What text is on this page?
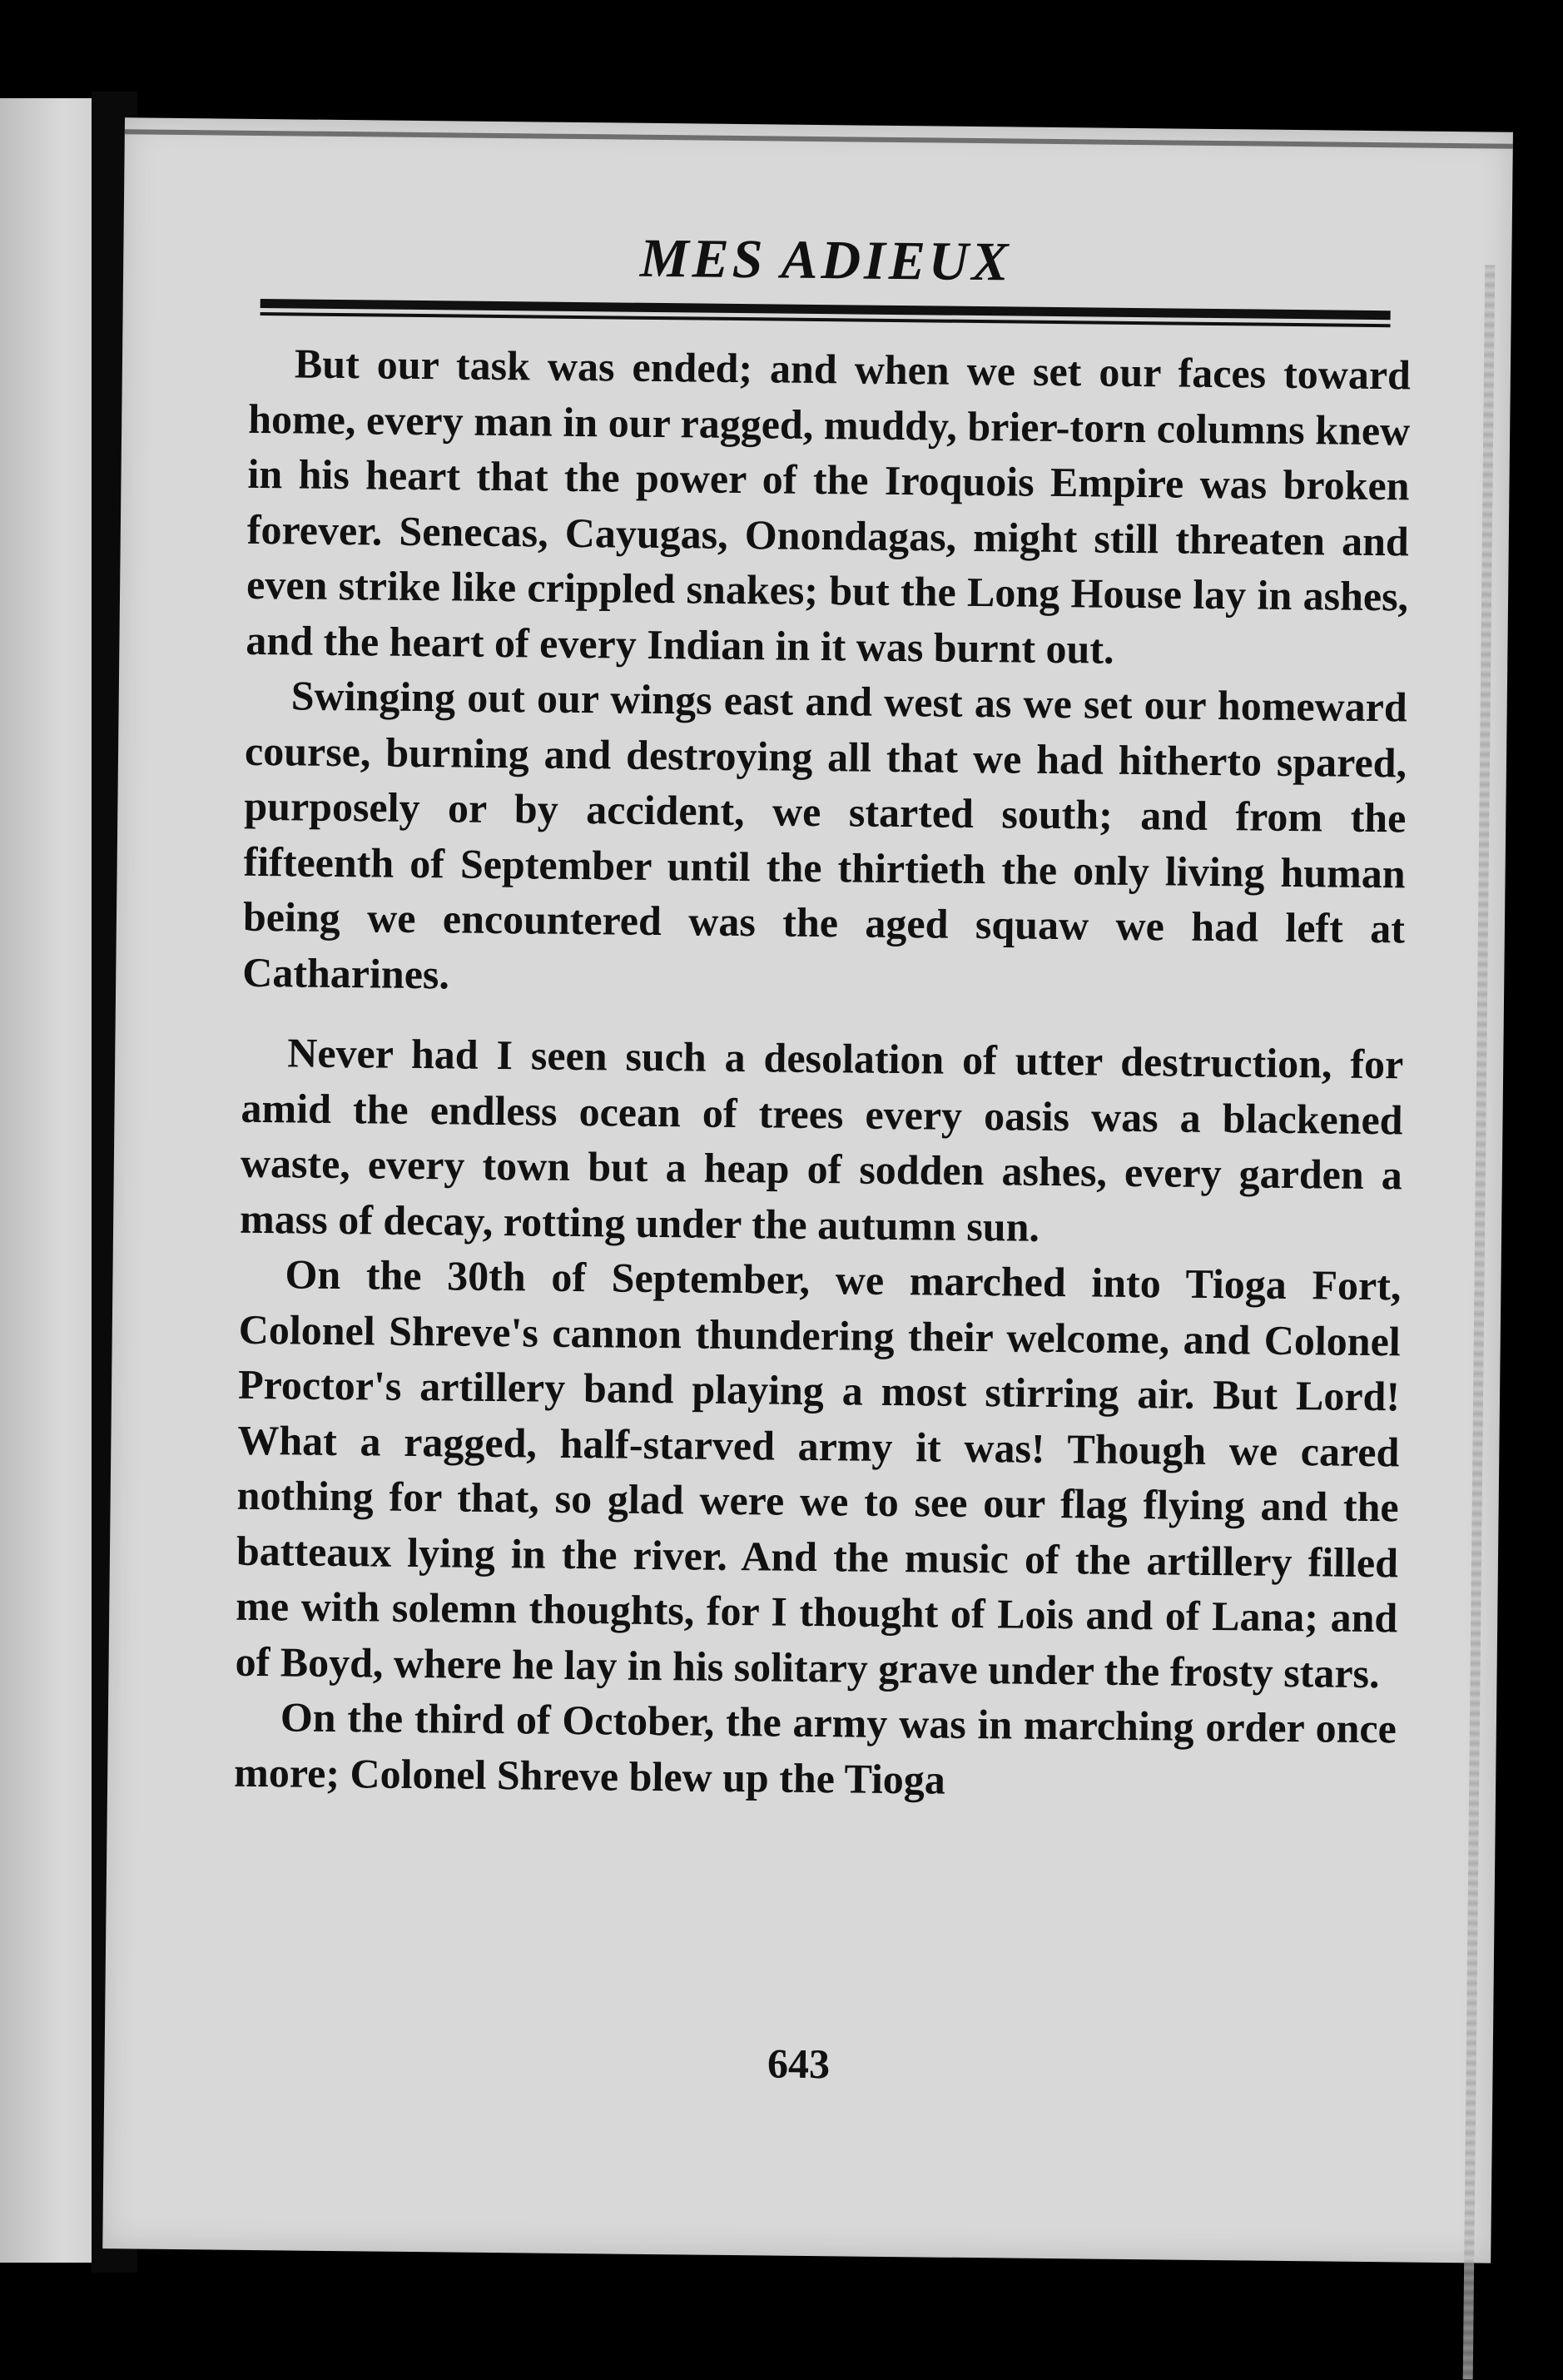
MES ADIEUX

But our task was ended; and when we set our faces toward home, every man in our ragged, muddy, brier-torn columns knew in his heart that the power of the Iroquois Empire was broken forever. Senecas, Cayugas, Onondagas, might still threaten and even strike like crippled snakes; but the Long House lay in ashes, and the heart of every Indian in it was burnt out.

Swinging out our wings east and west as we set our homeward course, burning and destroying all that we had hitherto spared, purposely or by accident, we started south; and from the fifteenth of September until the thirtieth the only living human being we encountered was the aged squaw we had left at Catharines.

Never had I seen such a desolation of utter destruction, for amid the endless ocean of trees every oasis was a blackened waste, every town but a heap of sodden ashes, every garden a mass of decay, rotting under the autumn sun.

On the 30th of September, we marched into Tioga Fort, Colonel Shreve's cannon thundering their welcome, and Colonel Proctor's artillery band playing a most stirring air. But Lord! What a ragged, half-starved army it was! Though we cared nothing for that, so glad were we to see our flag flying and the batteaux lying in the river. And the music of the artillery filled me with solemn thoughts, for I thought of Lois and of Lana; and of Boyd, where he lay in his solitary grave under the frosty stars.

On the third of October, the army was in marching order once more; Colonel Shreve blew up the Tioga

643
